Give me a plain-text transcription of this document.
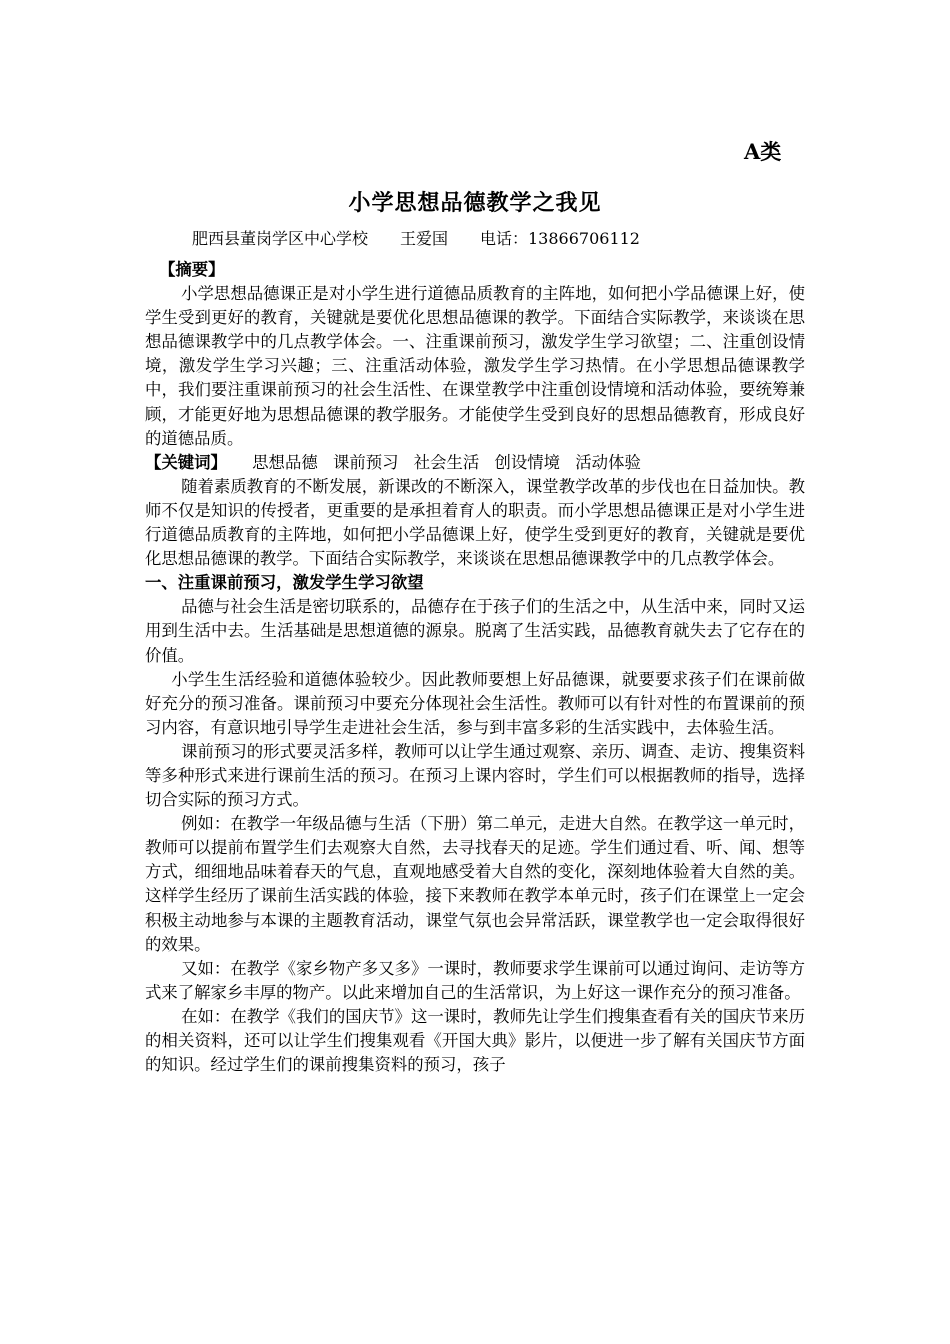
A类
小学思想品德教学之我见
肥西县董岗学区中心学校　　王爱国　　电话：13866706112

【摘要】

小学思想品德课正是对小学生进行道德品质教育的主阵地，如何把小学品德课上好，使学生受到更好的教育，关键就是要优化思想品德课的教学。下面结合实际教学，来谈谈在思想品德课教学中的几点教学体会。一、注重课前预习，激发学生学习欲望；二、注重创设情境，激发学生学习兴趣；三、注重活动体验，激发学生学习热情。在小学思想品德课教学中，我们要注重课前预习的社会生活性、在课堂教学中注重创设情境和活动体验，要统筹兼顾，才能更好地为思想品德课的教学服务。才能使学生受到良好的思想品德教育，形成良好的道德品质。

【关键词】 思想品德 课前预习 社会生活 创设情境 活动体验

随着素质教育的不断发展，新课改的不断深入，课堂教学改革的步伐也在日益加快。教师不仅是知识的传授者，更重要的是承担着育人的职责。而小学思想品德课正是对小学生进行道德品质教育的主阵地，如何把小学品德课上好，使学生受到更好的教育，关键就是要优化思想品德课的教学。下面结合实际教学，来谈谈在思想品德课教学中的几点教学体会。

一、注重课前预习，激发学生学习欲望

品德与社会生活是密切联系的，品德存在于孩子们的生活之中，从生活中来，同时又运用到生活中去。生活基础是思想道德的源泉。脱离了生活实践，品德教育就失去了它存在的价值。

小学生生活经验和道德体验较少。因此教师要想上好品德课，就要要求孩子们在课前做好充分的预习准备。课前预习中要充分体现社会生活性。教师可以有针对性的布置课前的预习内容，有意识地引导学生走进社会生活，参与到丰富多彩的生活实践中，去体验生活。

课前预习的形式要灵活多样，教师可以让学生通过观察、亲历、调查、走访、搜集资料等多种形式来进行课前生活的预习。在预习上课内容时，学生们可以根据教师的指导，选择切合实际的预习方式。

例如：在教学一年级品德与生活（下册）第二单元，走进大自然。在教学这一单元时，教师可以提前布置学生们去观察大自然，去寻找春天的足迹。学生们通过看、听、闻、想等方式，细细地品味着春天的气息，直观地感受着大自然的变化，深刻地体验着大自然的美。这样学生经历了课前生活实践的体验，接下来教师在教学本单元时，孩子们在课堂上一定会积极主动地参与本课的主题教育活动，课堂气氛也会异常活跃，课堂教学也一定会取得很好的效果。

又如：在教学《家乡物产多又多》一课时，教师要求学生课前可以通过询问、走访等方式来了解家乡丰厚的物产。以此来增加自己的生活常识，为上好这一课作充分的预习准备。

在如：在教学《我们的国庆节》这一课时，教师先让学生们搜集查看有关的国庆节来历的相关资料，还可以让学生们搜集观看《开国大典》影片，以便进一步了解有关国庆节方面的知识。经过学生们的课前搜集资料的预习，孩子
